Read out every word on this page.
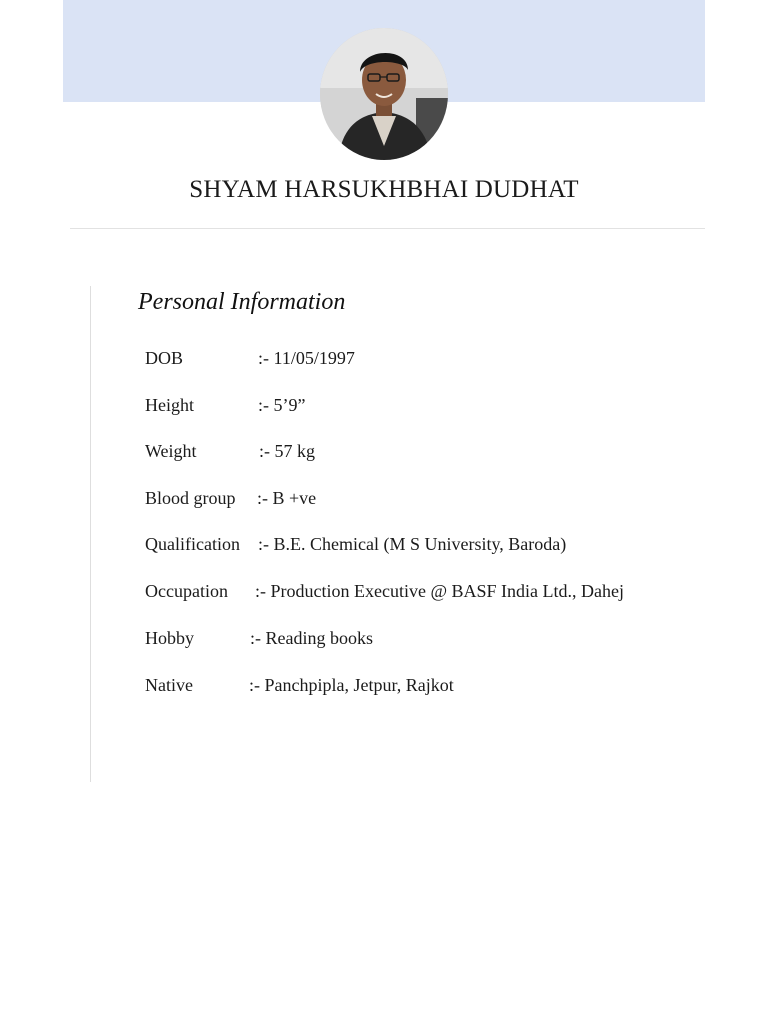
SHYAM HARSUKHBHAI DUDHAT
Personal Information
DOB	:- 11/05/1997
Height	:- 5’9”
Weight	:- 57 kg
Blood group :- B +ve
Qualification :- B.E. Chemical (M S University, Baroda)
Occupation :- Production Executive @ BASF India Ltd., Dahej
Hobby	:- Reading books
Native	:- Panchpipla, Jetpur, Rajkot
